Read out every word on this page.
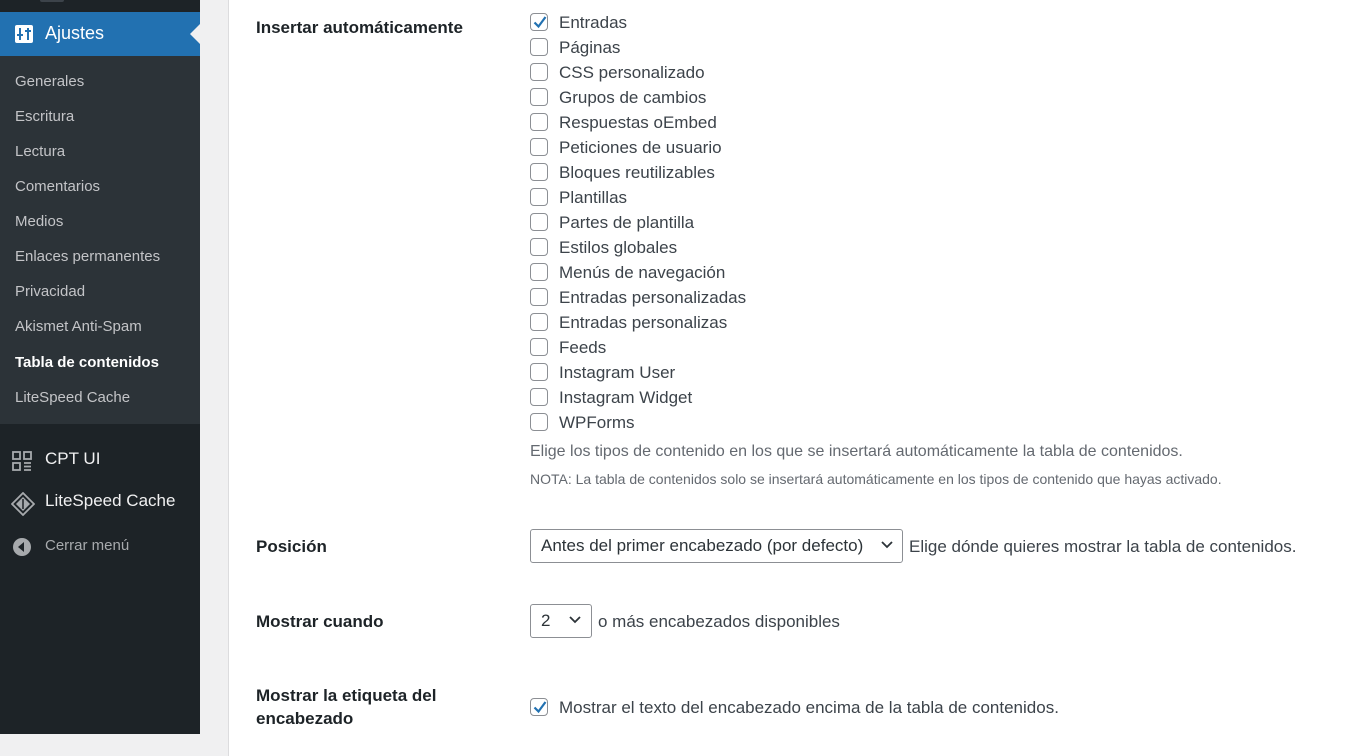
Ajustes
Generales
Escritura
Lectura
Comentarios
Medios
Enlaces permanentes
Privacidad
Akismet Anti-Spam
Tabla de contenidos
LiteSpeed Cache
CPT UI
LiteSpeed Cache
Cerrar menú
Insertar automáticamente	Entradas
Páginas
CSS personalizado
Grupos de cambios
Respuestas oEmbed
Peticiones de usuario
Bloques reutilizables
Plantillas
Partes de plantilla
Estilos globales
Menús de navegación
Entradas personalizadas
Entradas personalizas
Feeds
Instagram User
Instagram Widget
WPForms
Elige los tipos de contenido en los que se insertará automáticamente la tabla de contenidos.
NOTA: La tabla de contenidos solo se insertará automáticamente en los tipos de contenido que hayas activado.
Posición	Antes del primer encabezado (por defecto)	Elige dónde quieres mostrar la tabla de contenidos.
Mostrar cuando	2	o más encabezados disponibles
Mostrar la etiqueta del
encabezado
Mostrar el texto del encabezado encima de la tabla de contenidos.
